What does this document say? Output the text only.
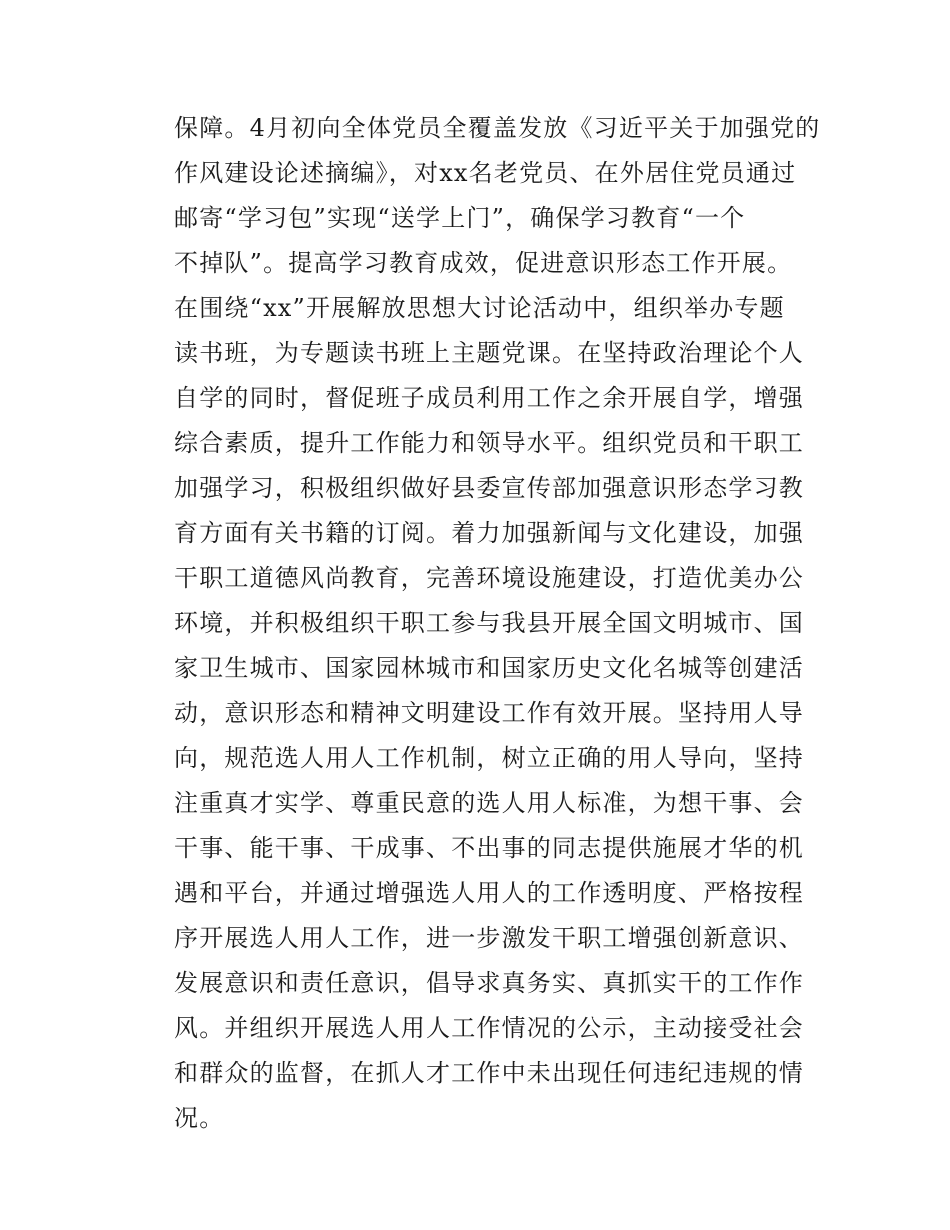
保障。4月初向全体党员全覆盖发放《习近平关于加强党的
作风建设论述摘编》，对xx名老党员、在外居住党员通过
邮寄“学习包”实现“送学上门”，确保学习教育“一个
不掉队”。提高学习教育成效，促进意识形态工作开展。
在围绕“xx”开展解放思想大讨论活动中，组织举办专题
读书班，为专题读书班上主题党课。在坚持政治理论个人
自学的同时，督促班子成员利用工作之余开展自学，增强
综合素质，提升工作能力和领导水平。组织党员和干职工
加强学习，积极组织做好县委宣传部加强意识形态学习教
育方面有关书籍的订阅。着力加强新闻与文化建设，加强
干职工道德风尚教育，完善环境设施建设，打造优美办公
环境，并积极组织干职工参与我县开展全国文明城市、国
家卫生城市、国家园林城市和国家历史文化名城等创建活
动，意识形态和精神文明建设工作有效开展。坚持用人导
向，规范选人用人工作机制，树立正确的用人导向，坚持
注重真才实学、尊重民意的选人用人标准，为想干事、会
干事、能干事、干成事、不出事的同志提供施展才华的机
遇和平台，并通过增强选人用人的工作透明度、严格按程
序开展选人用人工作，进一步激发干职工增强创新意识、
发展意识和责任意识，倡导求真务实、真抓实干的工作作
风。并组织开展选人用人工作情况的公示，主动接受社会
和群众的监督，在抓人才工作中未出现任何违纪违规的情
况。
